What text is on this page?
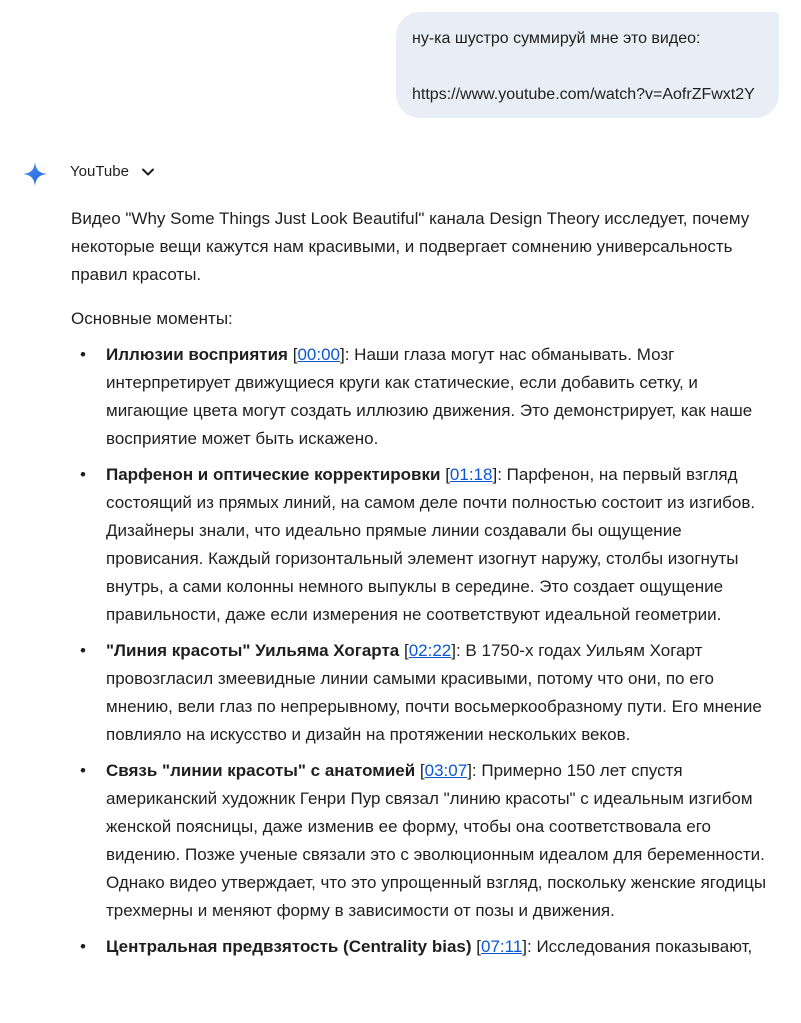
ну-ка шустро суммируй мне это видео:
https://www.youtube.com/watch?v=AofrZFwxt2Y
YouTube

Видео "Why Some Things Just Look Beautiful" канала Design Theory исследует, почему некоторые вещи кажутся нам красивыми, и подвергает сомнению универсальность правил красоты.

Основные моменты:

• Иллюзии восприятия [00:00]: Наши глаза могут нас обманывать. Мозг интерпретирует движущиеся круги как статические, если добавить сетку, и мигающие цвета могут создать иллюзию движения. Это демонстрирует, как наше восприятие может быть искажено.
• Парфенон и оптические корректировки [01:18]: Парфенон, на первый взгляд состоящий из прямых линий, на самом деле почти полностью состоит из изгибов. Дизайнеры знали, что идеально прямые линии создавали бы ощущение провисания. Каждый горизонтальный элемент изогнут наружу, столбы изогнуты внутрь, а сами колонны немного выпуклы в середине. Это создает ощущение правильности, даже если измерения не соответствуют идеальной геометрии.
• "Линия красоты" Уильяма Хогарта [02:22]: В 1750-х годах Уильям Хогарт провозгласил змеевидные линии самыми красивыми, потому что они, по его мнению, вели глаз по непрерывному, почти восьмеркообразному пути. Его мнение повлияло на искусство и дизайн на протяжении нескольких веков.
• Связь "линии красоты" с анатомией [03:07]: Примерно 150 лет спустя американский художник Генри Пур связал "линию красоты" с идеальным изгибом женской поясницы, даже изменив ее форму, чтобы она соответствовала его видению. Позже ученые связали это с эволюционным идеалом для беременности. Однако видео утверждает, что это упрощенный взгляд, поскольку женские ягодицы трехмерны и меняют форму в зависимости от позы и движения.
• Центральная предвзятость (Centrality bias) [07:11]: Исследования показывают,
